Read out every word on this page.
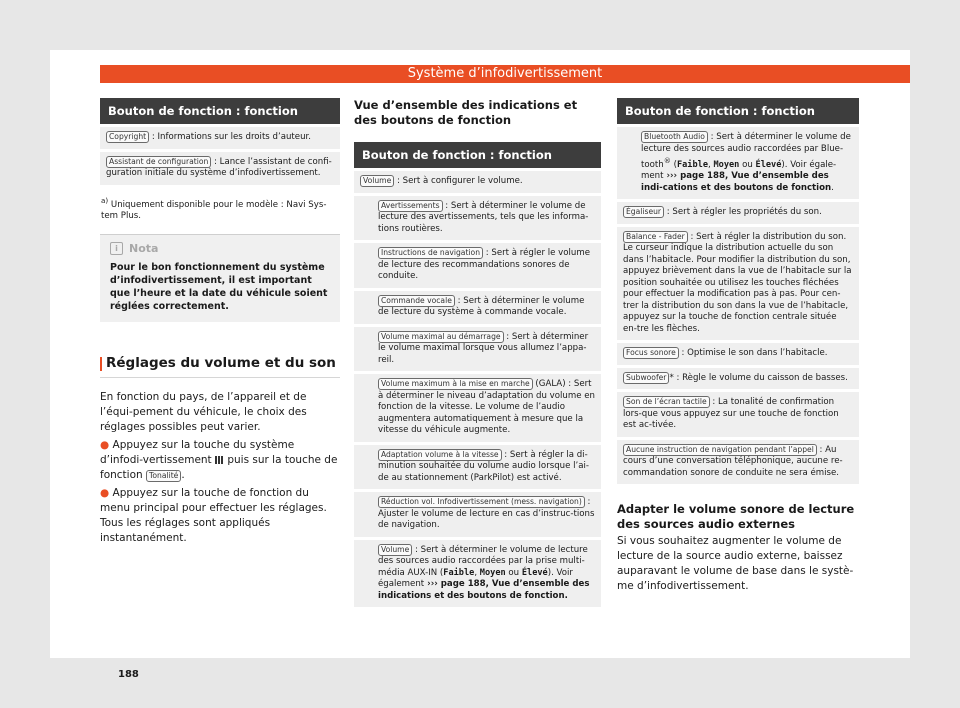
Système d’infodivertissement
Bouton de fonction : fonction
Copyright : Informations sur les droits d’auteur.
Assistant de configuration : Lance l’assistant de confi-guration initiale du système d’infodivertissement.
$^{a)}$ Uniquement disponible pour le modèle : Navi Sys-tem Plus.
i	Nota
Pour le bon fonctionnement du système d’infodivertissement, il est important que l’heure et la date du véhicule soient réglées correctement.
Réglages du volume et du son
En fonction du pays, de l’appareil et de l’équi-pement du véhicule, le choix des réglages possibles peut varier.
● Appuyez sur la touche du système d’infodi-vertissement puis sur la touche de fonction Tonalité .
● Appuyez sur la touche de fonction du menu principal pour effectuer les réglages. Tous les réglages sont appliqués instantanément.
Vue d’ensemble des indications et des boutons de fonction
Bouton de fonction : fonction
Volume : Sert à configurer le volume.
Avertissements : Sert à déterminer le volume de lecture des avertissements, tels que les informa-tions routières.
Instructions de navigation : Sert à régler le volume de lecture des recommandations sonores de conduite.
Commande vocale : Sert à déterminer le volume de lecture du système à commande vocale.
Volume maximal au démarrage : Sert à déterminer le volume maximal lorsque vous allumez l’appa-reil.
Volume maximum à la mise en marche (GALA) : Sert à déterminer le niveau d’adaptation du volume en fonction de la vitesse. Le volume de l’audio augmentera automatiquement à mesure que la vitesse du véhicule augmente.
Adaptation volume à la vitesse : Sert à régler la di-minution souhaitée du volume audio lorsque l’ai-de au stationnement (ParkPilot) est activé.
Réduction vol. Infodivertissement (mess. navigation) : Ajuster le volume de lecture en cas d’instruc-tions de navigation.
Volume : Sert à déterminer le volume de lecture des sources audio raccordées par la prise multi-média AUX-IN (Faible, Moyen ou Élevé). Voir également ››› page 188, Vue d’ensemble des indications et des boutons de fonction.
Bouton de fonction : fonction
Bluetooth Audio : Sert à déterminer le volume de lecture des sources audio raccordées par Blue-tooth® (Faible, Moyen ou Élevé). Voir égale-ment ››› page 188, Vue d’ensemble des indi-cations et des boutons de fonction.
Égaliseur : Sert à régler les propriétés du son.
Balance - Fader : Sert à régler la distribution du son. Le curseur indique la distribution actuelle du son dans l’habitacle. Pour modifier la distribution du son, appuyez brièvement dans la vue de l’habitacle sur la position souhaitée ou utilisez les touches fléchées pour effectuer la modification pas à pas. Pour cen-trer la distribution du son dans la vue de l’habitacle, appuyez sur la touche de fonction centrale située en-tre les flèches.
Focus sonore : Optimise le son dans l’habitacle.
Subwoofer * : Règle le volume du caisson de basses.
Son de l’écran tactile : La tonalité de confirmation lors-que vous appuyez sur une touche de fonction est ac-tivée.
Aucune instruction de navigation pendant l’appel : Au cours d’une conversation téléphonique, aucune re-commandation sonore de conduite ne sera émise.
Adapter le volume sonore de lecture des sources audio externes
Si vous souhaitez augmenter le volume de lecture de la source audio externe, baissez auparavant le volume de base dans le systè-me d’infodivertissement.
188
